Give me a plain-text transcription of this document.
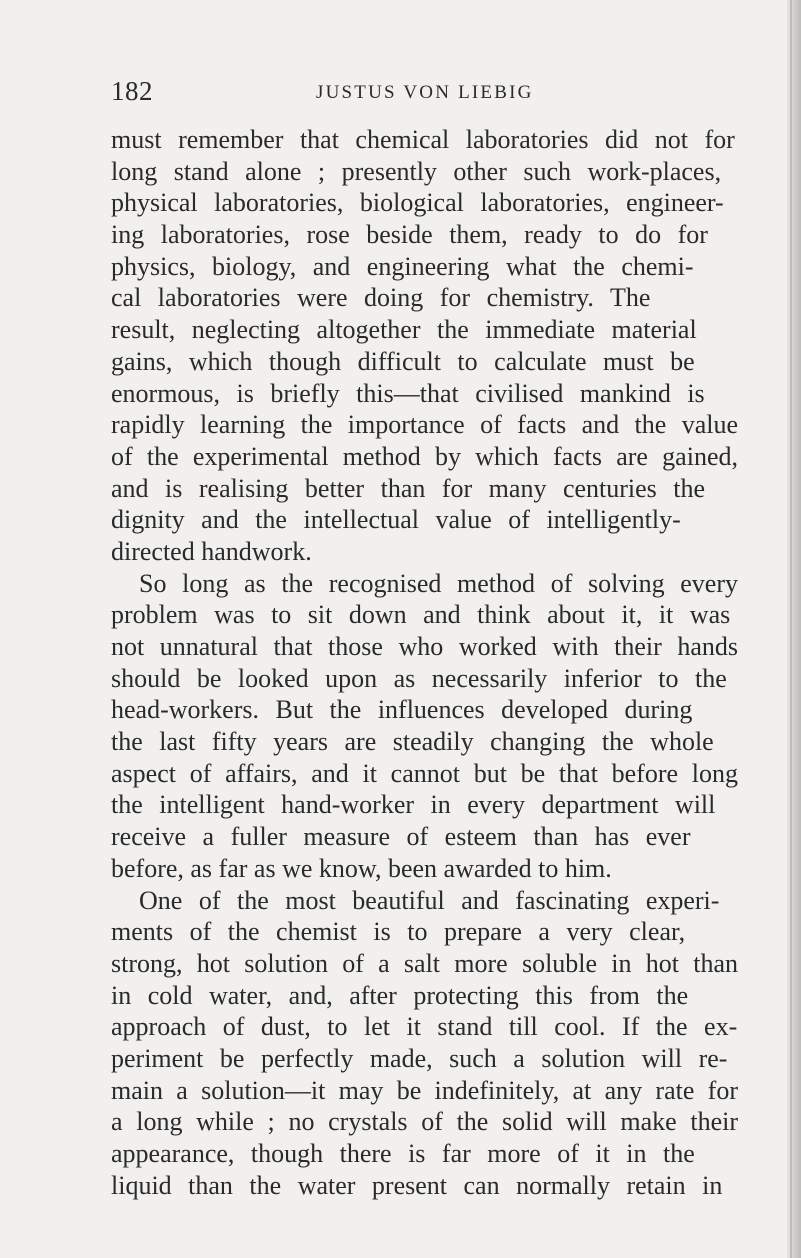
182	JUSTUS VON LIEBIG
must remember that chemical laboratories did not for
long stand alone ; presently other such work-places,
physical laboratories, biological laboratories, engineer-
ing laboratories, rose beside them, ready to do for
physics, biology, and engineering what the chemi-
cal laboratories were doing for chemistry. The
result, neglecting altogether the immediate material
gains, which though difficult to calculate must be
enormous, is briefly this—that civilised mankind is
rapidly learning the importance of facts and the value
of the experimental method by which facts are gained,
and is realising better than for many centuries the
dignity and the intellectual value of intelligently-
directed handwork.
So long as the recognised method of solving every
problem was to sit down and think about it, it was
not unnatural that those who worked with their hands
should be looked upon as necessarily inferior to the
head-workers. But the influences developed during
the last fifty years are steadily changing the whole
aspect of affairs, and it cannot but be that before long
the intelligent hand-worker in every department will
receive a fuller measure of esteem than has ever
before, as far as we know, been awarded to him.
One of the most beautiful and fascinating experi-
ments of the chemist is to prepare a very clear,
strong, hot solution of a salt more soluble in hot than
in cold water, and, after protecting this from the
approach of dust, to let it stand till cool. If the ex-
periment be perfectly made, such a solution will re-
main a solution—it may be indefinitely, at any rate for
a long while ; no crystals of the solid will make their
appearance, though there is far more of it in the
liquid than the water present can normally retain in
